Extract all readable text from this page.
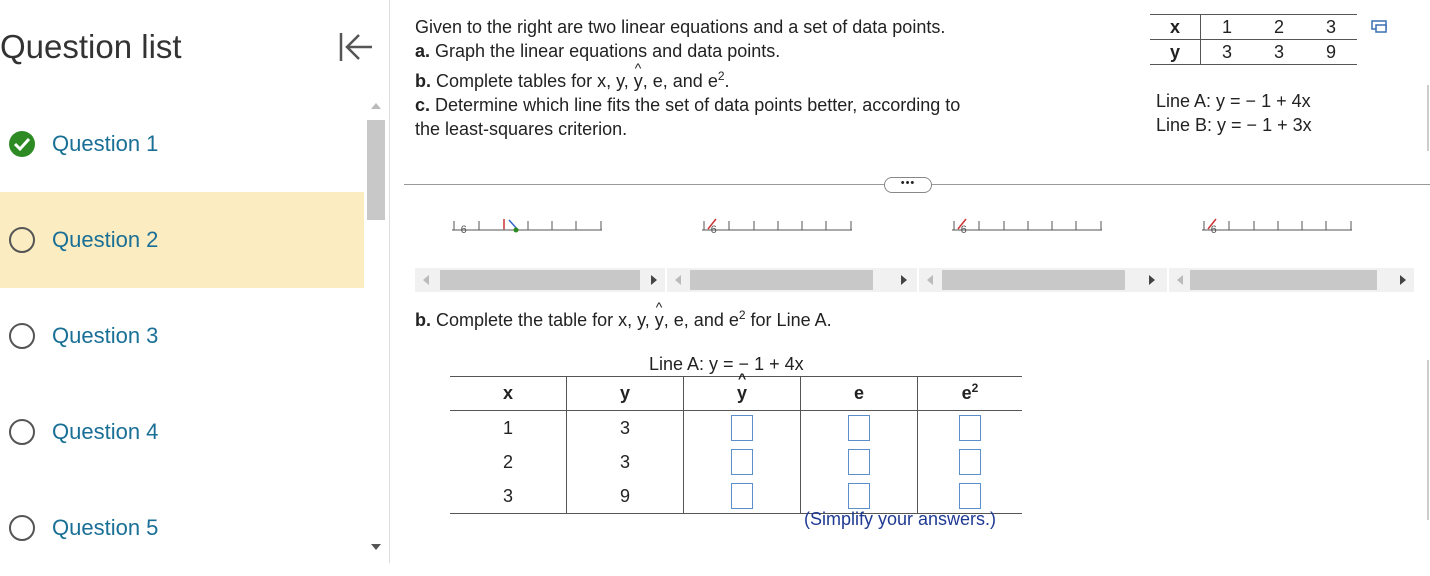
Question list
Question 1
Question 2
Question 3
Question 4
Question 5
Given to the right are two linear equations and a set of data points.
a. Graph the linear equations and data points.
b. Complete tables for x, y, ^ y, e, and $e^2$.
c. Determine which line fits the set of data points better, according to
the least-squares criterion.
x	1	2	3
y	3	3	9
Line A: y = − 1 + 4x
Line B: y = − 1 + 3x
•••
-6	-6	-6	-6
b. Complete the table for x, y, ^ y, e, and $e^2$ for Line A.
Line A: y = − 1 + 4x
x	y	^ y	e	$e^2$
1	3			
2	3			
3	9			
(Simplify your answers.)
